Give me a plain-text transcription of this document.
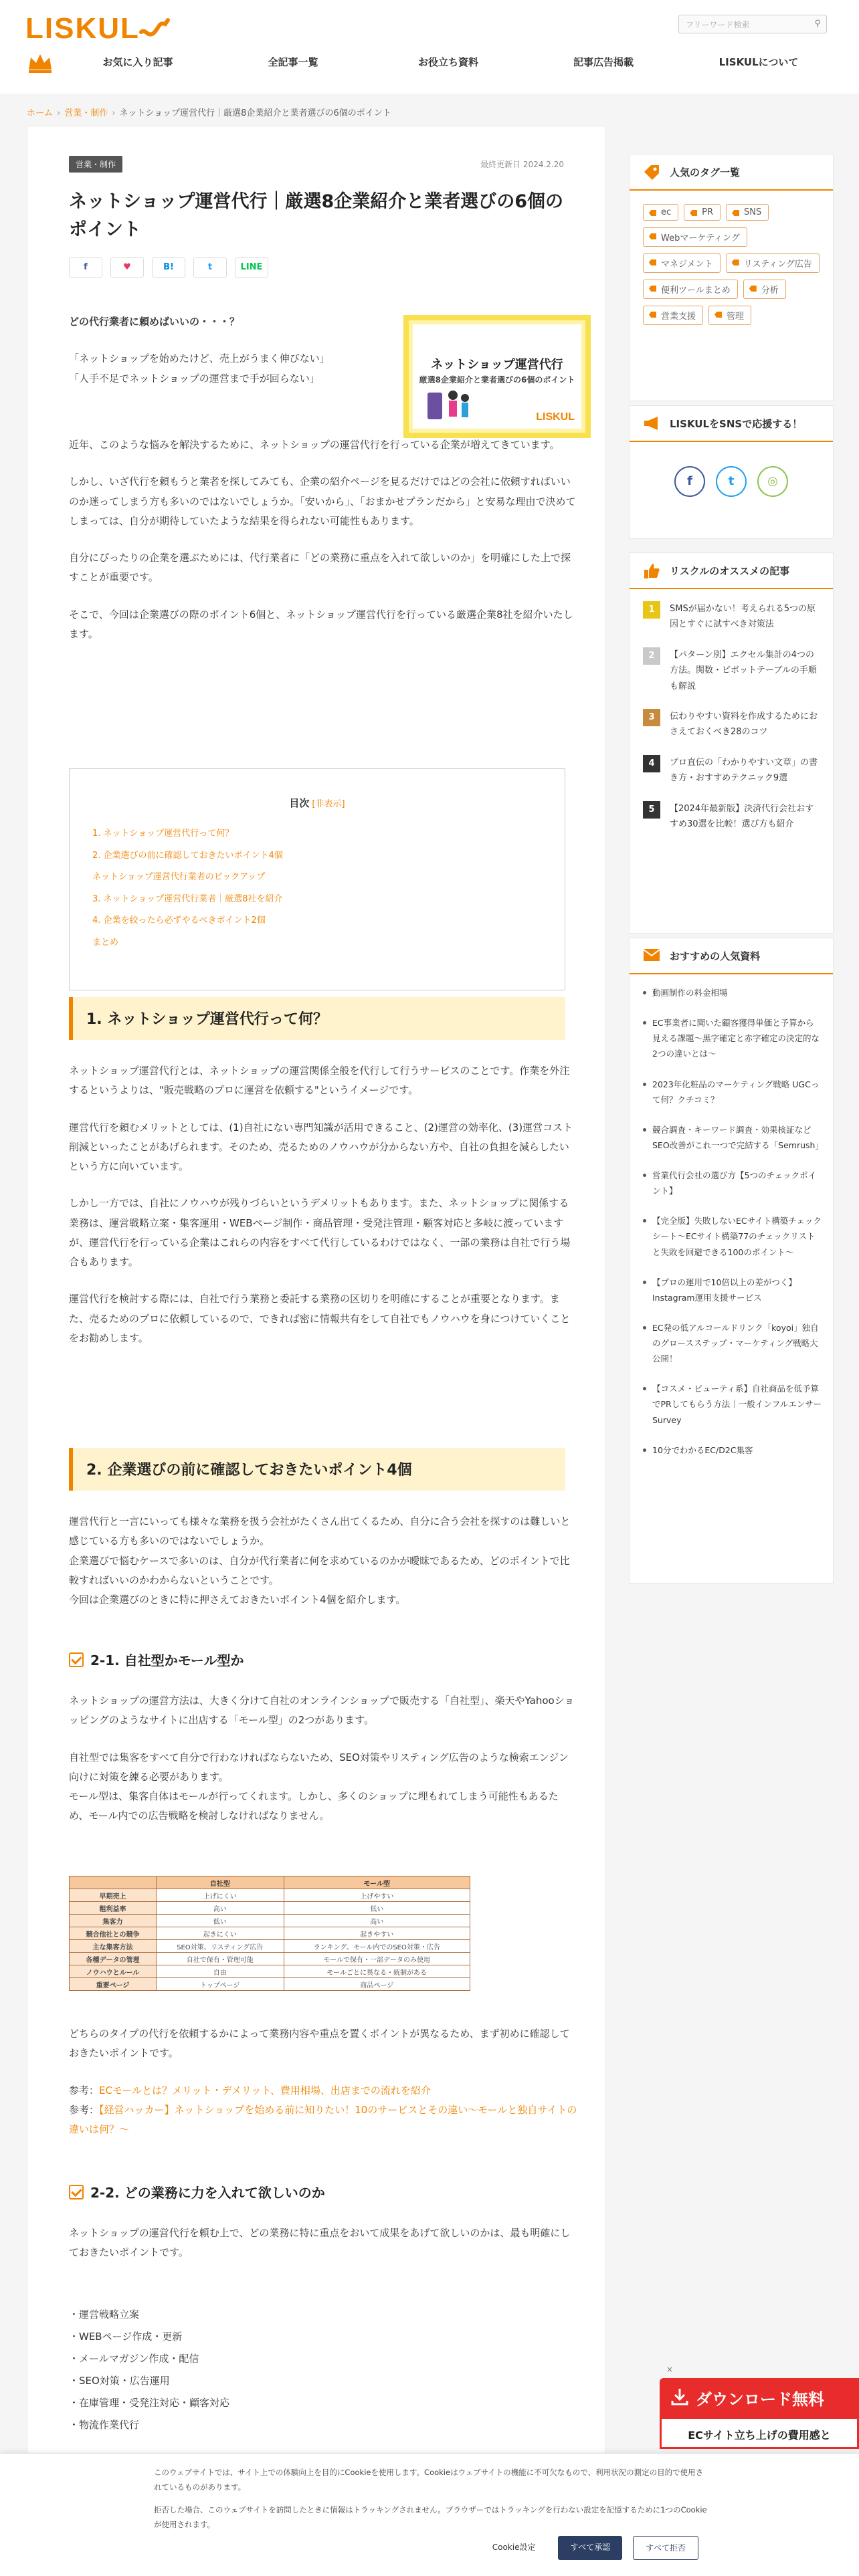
LISKUL	フリーワード検索	⚲
お気に入り記事	全記事一覧	お役立ち資料	記事広告掲載	LISKULについて
ホーム › 営業・制作 › ネットショップ運営代行｜厳選8企業紹介と業者選びの6個のポイント
営業・制作	最終更新日 2024.2.20
ネットショップ運営代行｜厳選8企業紹介と業者選びの6個のポイント
f	♥	B!	t	LINE
ネットショップ運営代行
厳選8企業紹介と業者選びの6個のポイント
LISKUL

どの代行業者に頼めばいいの・・・？

「ネットショップを始めたけど、売上がうまく伸びない」
「人手不足でネットショップの運営まで手が回らない」

近年、このような悩みを解決するために、ネットショップの運営代行を行っている企業が増えてきています。

しかし、いざ代行を頼もうと業者を探してみても、企業の紹介ページを見るだけではどの会社に依頼すればいいのか迷ってしまう方も多いのではないでしょうか。「安いから」、「おまかせプランだから」と安易な理由で決めてしまっては、自分が期待していたような結果を得られない可能性もあります。

自分にぴったりの企業を選ぶためには、代行業者に「どの業務に重点を入れて欲しいのか」を明確にした上で探すことが重要です。

そこで、今回は企業選びの際のポイント6個と、ネットショップ運営代行を行っている厳選企業8社を紹介いたします。

目次 [非表示]
1. ネットショップ運営代行って何？
2. 企業選びの前に確認しておきたいポイント4個
ネットショップ運営代行業者のピックアップ
3. ネットショップ運営代行業者｜厳選8社を紹介
4. 企業を絞ったら必ずやるべきポイント2個
まとめ
1. ネットショップ運営代行って何？

ネットショップ運営代行とは、ネットショップの運営関係全般を代行して行うサービスのことです。作業を外注するというよりは、"販売戦略のプロに運営を依頼する"というイメージです。

運営代行を頼むメリットとしては、(1)自社にない専門知識が活用できること、(2)運営の効率化、(3)運営コスト削減といったことがあげられます。そのため、売るためのノウハウが分からない方や、自社の負担を減らしたいという方に向いています。

しかし一方では、自社にノウハウが残りづらいというデメリットもあります。また、ネットショップに関係する業務は、運営戦略立案・集客運用・WEBページ制作・商品管理・受発注管理・顧客対応と多岐に渡っていますが、運営代行を行っている企業はこれらの内容をすべて代行しているわけではなく、一部の業務は自社で行う場合もあります。

運営代行を検討する際には、自社で行う業務と委託する業務の区切りを明確にすることが重要となります。また、売るためのプロに依頼しているので、できれば密に情報共有をして自社でもノウハウを身につけていくことをお勧めします。

2. 企業選びの前に確認しておきたいポイント4個

運営代行と一言にいっても様々な業務を扱う会社がたくさん出てくるため、自分に合う会社を探すのは難しいと感じている方も多いのではないでしょうか。

企業選びで悩むケースで多いのは、自分が代行業者に何を求めているのかが曖昧であるため、どのポイントで比較すればいいのかわからないということです。

今回は企業選びのときに特に押さえておきたいポイント4個を紹介します。

2-1. 自社型かモール型か

ネットショップの運営方法は、大きく分けて自社のオンラインショップで販売する「自社型」、楽天やYahooショッピングのようなサイトに出店する「モール型」の2つがあります。

自社型では集客をすべて自分で行わなければならないため、SEO対策やリスティング広告のような検索エンジン向けに対策を練る必要があります。

モール型は、集客自体はモールが行ってくれます。しかし、多くのショップに埋もれてしまう可能性もあるため、モール内での広告戦略を検討しなければなりません。

	自社型	モール型
早期売上	上げにくい	上げやすい
粗利益率	高い	低い
集客力	低い	高い
競合他社との競争	起きにくい	起きやすい
主な集客方法	SEO対策、リスティング広告	ランキング、モール内でのSEO対策・広告
各種データの管理	自社で保有・管理可能	モールで保有・一部データのみ使用
ノウハウとルール	自由	モールごとに異なる・統制がある
重要ページ	トップページ	商品ページ

どちらのタイプの代行を依頼するかによって業務内容や重点を置くポイントが異なるため、まず初めに確認しておきたいポイントです。

参考：ECモールとは？メリット・デメリット、費用相場、出店までの流れを紹介

参考：【経営ハッカー】ネットショップを始める前に知りたい！10のサービスとその違い〜モールと独自サイトの違いは何？〜

2-2. どの業務に力を入れて欲しいのか

ネットショップの運営代行を頼む上で、どの業務に特に重点をおいて成果をあげて欲しいのかは、最も明確にしておきたいポイントです。

・運営戦略立案
・WEBページ作成・更新
・メールマガジン作成・配信
・SEO対策・広告運用
・在庫管理・受発注対応・顧客対応
・物流作業代行
人気のタグ一覧
ec	PR	SNS
Webマーケティング
マネジメント	リスティング広告
便利ツールまとめ	分析
営業支援	管理
LISKULをSNSで応援する！
f	t	◎
リスクルのオススメの記事
1	SMSが届かない！考えられる5つの原因とすぐに試すべき対策法
2	【パターン別】エクセル集計の4つの方法。関数・ピボットテーブルの手順も解説
3	伝わりやすい資料を作成するためにおさえておくべき28のコツ
4	プロ直伝の「わかりやすい文章」の書き方・おすすめテクニック9選
5	【2024年最新版】決済代行会社おすすめ30選を比較！選び方も紹介
おすすめの人気資料
動画制作の料金相場
EC事業者に聞いた顧客獲得単価と予算から見える課題〜黒字確定と赤字確定の決定的な2つの違いとは〜
2023年化粧品のマーケティング戦略 UGCって何？クチコミ？
競合調査・キーワード調査・効果検証などSEO改善がこれ一つで完結する「Semrush」
営業代行会社の選び方【5つのチェックポイント】
【完全版】失敗しないECサイト構築チェックシート〜ECサイト構築77のチェックリストと失敗を回避できる100のポイント〜
【プロの運用で10倍以上の差がつく】Instagram運用支援サービス
EC発の低アルコールドリンク「koyoi」独自のグロースステップ・マーケティング戦略大公開！
【コスメ・ビューティ系】自社商品を低予算でPRしてもらう方法｜一般インフルエンサーSurvey
10分でわかるEC/D2C集客
×
ダウンロード無料
ECサイト立ち上げの費用感と

このウェブサイトでは、サイト上での体験向上を目的にCookieを使用します。Cookieはウェブサイトの機能に不可欠なもので、利用状況の測定の目的で使用されているものがあります。

拒否した場合、このウェブサイトを訪問したときに情報はトラッキングされません。ブラウザーではトラッキングを行わない設定を記憶するために1つのCookieが使用されます。

Cookie設定	すべて承認	すべて拒否
